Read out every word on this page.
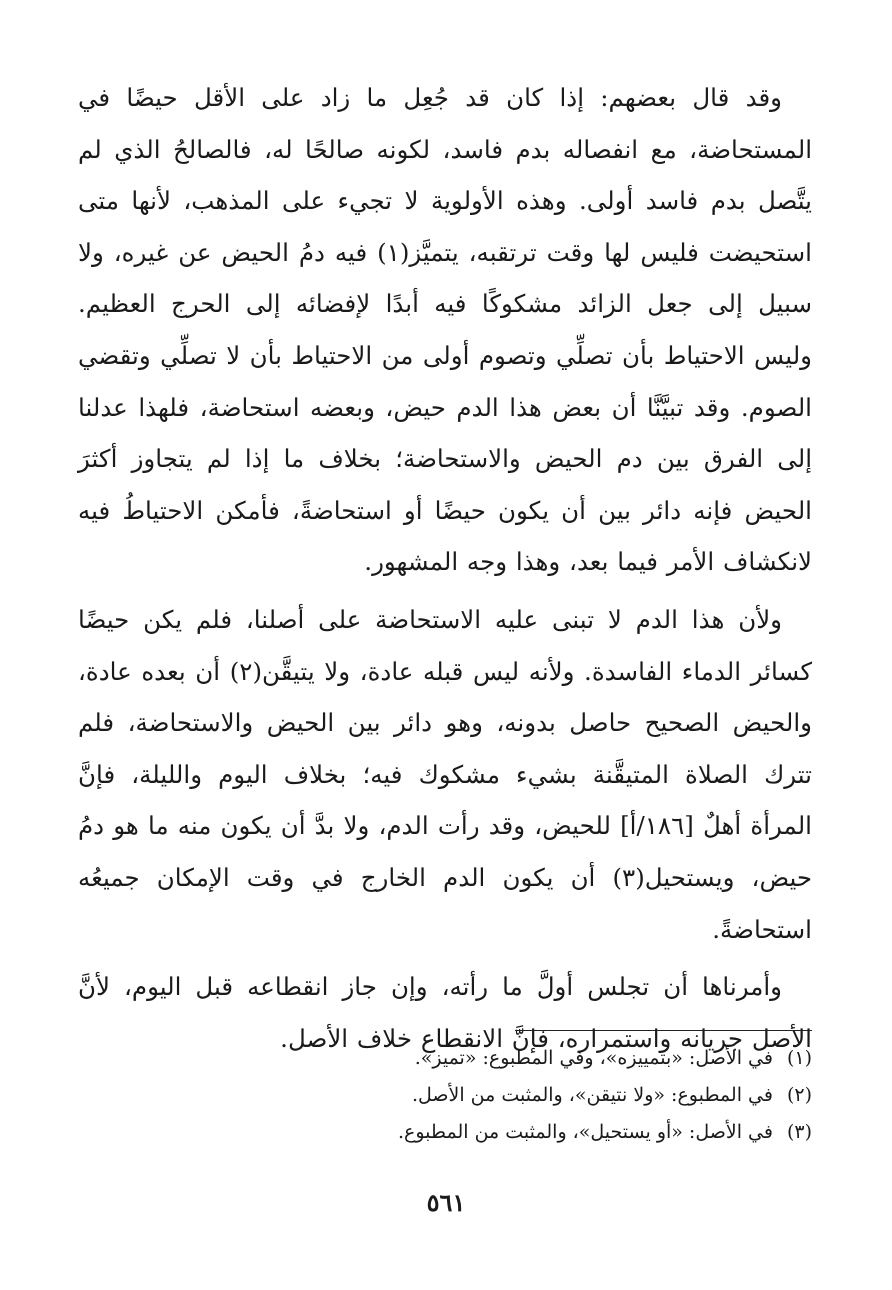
وقد قال بعضهم: إذا كان قد جُعِل ما زاد على الأقل حيضًا في المستحاضة، مع انفصاله بدم فاسد، لكونه صالحًا له، فالصالحُ الذي لم يتَّصل بدم فاسد أولى. وهذه الأولوية لا تجيء على المذهب، لأنها متى استحيضت فليس لها وقت ترتقبه، يتميَّز(١) فيه دمُ الحيض عن غيره، ولا سبيل إلى جعل الزائد مشكوكًا فيه أبدًا لإفضائه إلى الحرج العظيم. وليس الاحتياط بأن تصلِّي وتصوم أولى من الاحتياط بأن لا تصلِّي وتقضي الصوم. وقد تبيَّنَّا أن بعض هذا الدم حيض، وبعضه استحاضة، فلهذا عدلنا إلى الفرق بين دم الحيض والاستحاضة؛ بخلاف ما إذا لم يتجاوز أكثرَ الحيض فإنه دائر بين أن يكون حيضًا أو استحاضةً، فأمكن الاحتياطُ فيه لانكشاف الأمر فيما بعد، وهذا وجه المشهور.

ولأن هذا الدم لا تبنى عليه الاستحاضة على أصلنا، فلم يكن حيضًا كسائر الدماء الفاسدة. ولأنه ليس قبله عادة، ولا يتيقَّن(٢) أن بعده عادة، والحيض الصحيح حاصل بدونه، وهو دائر بين الحيض والاستحاضة، فلم تترك الصلاة المتيقَّنة بشيء مشكوك فيه؛ بخلاف اليوم والليلة، فإنَّ المرأة أهلٌ [١٨٦/أ] للحيض، وقد رأت الدم، ولا بدَّ أن يكون منه ما هو دمُ حيض، ويستحيل(٣) أن يكون الدم الخارج في وقت الإمكان جميعُه استحاضةً.

وأمرناها أن تجلس أولَّ ما رأته، وإن جاز انقطاعه قبل اليوم، لأنَّ الأصل جريانه واستمراره، فإنَّ الانقطاع خلاف الأصل.

(١)في الأصل: «بتمييزه»، وفي المطبوع: «تميز».

(٢)في المطبوع: «ولا نتيقن»، والمثبت من الأصل.

(٣)في الأصل: «أو يستحيل»، والمثبت من المطبوع.

٥٦١
